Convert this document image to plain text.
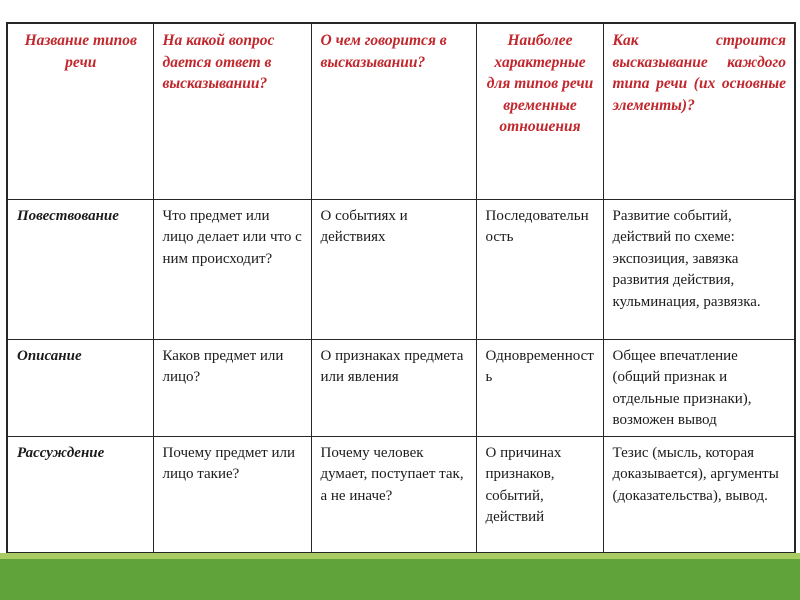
Название типов речи	На какой вопрос дается ответ в высказывании?	О чем говорится в высказывании?	Наиболее характерные для типов речи временные отношения	Как строится высказывание каждого типа речи (их основные элементы)?
Повествование	Что предмет или лицо делает или что с ним происходит?	О событиях и действиях	Последовательность	Развитие событий, действий по схеме: экспозиция, завязка развития действия, кульминация, развязка.
Описание	Каков предмет или лицо?	О признаках предмета или явления	Одновременность	Общее впечатление (общий признак и отдельные признаки), возможен вывод
Рассуждение	Почему предмет или лицо такие?	Почему человек думает, поступает так, а не иначе?	О причинах признаков, событий, действий	Тезис (мысль, которая доказывается), аргументы (доказательства), вывод.
